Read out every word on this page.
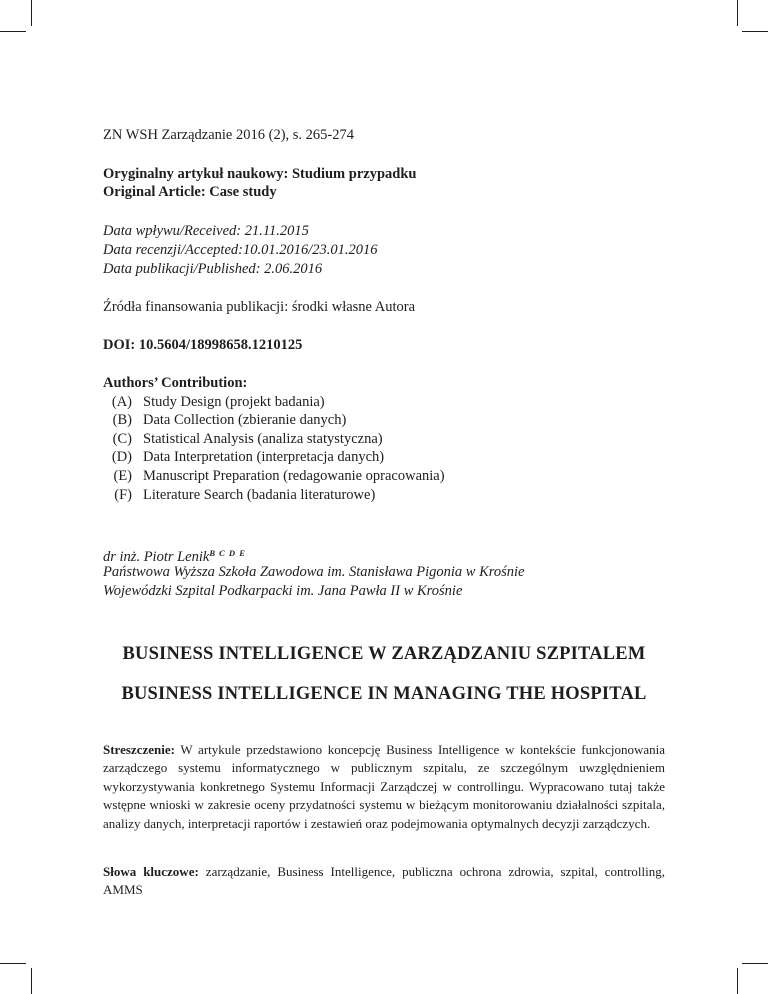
ZN WSH Zarządzanie 2016 (2), s. 265-274
Oryginalny artykuł naukowy: Studium przypadku
Original Article: Case study
Data wpływu/Received: 21.11.2015
Data recenzji/Accepted:10.01.2016/23.01.2016
Data publikacji/Published: 2.06.2016
Źródła finansowania publikacji: środki własne Autora
DOI: 10.5604/18998658.1210125
Authors’ Contribution:
(A) Study Design (projekt badania)
(B) Data Collection (zbieranie danych)
(C) Statistical Analysis (analiza statystyczna)
(D) Data Interpretation (interpretacja danych)
(E) Manuscript Preparation (redagowanie opracowania)
(F) Literature Search (badania literaturowe)
dr inż. Piotr Lenik$^{B C D E}$
Państwowa Wyższa Szkoła Zawodowa im. Stanisława Pigonia w Krośnie
Wojewódzki Szpital Podkarpacki im. Jana Pawła II w Krośnie
BUSINESS INTELLIGENCE W ZARZĄDZANIU SZPITALEM
BUSINESS INTELLIGENCE IN MANAGING THE HOSPITAL
Streszczenie: W artykule przedstawiono koncepcję Business Intelligence w kontekście funkcjonowania zarządczego systemu informatycznego w publicznym szpitalu, ze szczególnym uwzględnieniem wykorzystywania konkretnego Systemu Informacji Zarządczej w controllingu. Wypracowano tutaj także wstępne wnioski w zakresie oceny przydatności systemu w bieżącym monitorowaniu działalności szpitala, analizy danych, interpretacji raportów i zestawień oraz podejmowania optymalnych decyzji zarządczych.
Słowa kluczowe: zarządzanie, Business Intelligence, publiczna ochrona zdrowia, szpital, controlling, AMMS
